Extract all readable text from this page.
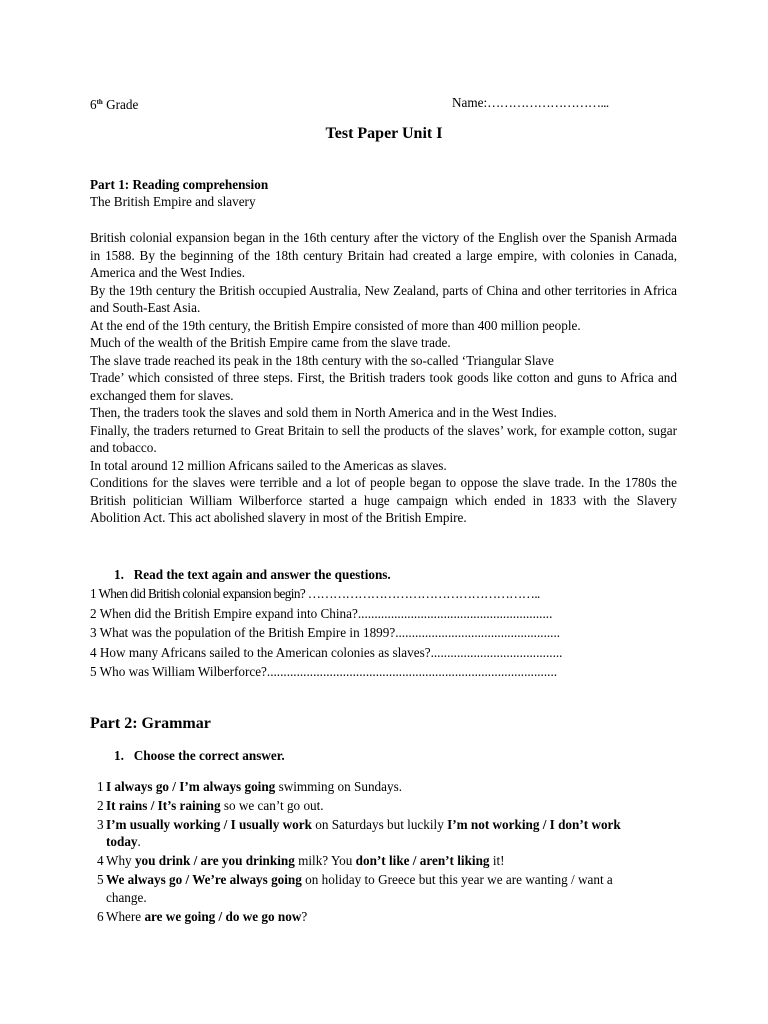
6th Grade	Name:………………………...
Test Paper Unit I
Part 1: Reading comprehension
The British Empire and slavery

British colonial expansion began in the 16th century after the victory of the English over the Spanish Armada in 1588. By the beginning of the 18th century Britain had created a large empire, with colonies in Canada, America and the West Indies.

By the 19th century the British occupied Australia, New Zealand, parts of China and other territories in Africa and South-East Asia.

At the end of the 19th century, the British Empire consisted of more than 400 million people.

Much of the wealth of the British Empire came from the slave trade.

The slave trade reached its peak in the 18th century with the so-called ‘Triangular Slave

Trade’ which consisted of three steps. First, the British traders took goods like cotton and guns to Africa and exchanged them for slaves.

Then, the traders took the slaves and sold them in North America and in the West Indies.

Finally, the traders returned to Great Britain to sell the products of the slaves’ work, for example cotton, sugar and tobacco.

In total around 12 million Africans sailed to the Americas as slaves.

Conditions for the slaves were terrible and a lot of people began to oppose the slave trade. In the 1780s the British politician William Wilberforce started a huge campaign which ended in 1833 with the Slavery Abolition Act. This act abolished slavery in most of the British Empire.

1. Read the text again and answer the questions.
1 When did British colonial expansion begin? ………………………………………………..
2 When did the British Empire expand into China?...........................................................
3 What was the population of the British Empire in 1899?..................................................
4 How many Africans sailed to the American colonies as slaves?........................................
5 Who was William Wilberforce?........................................................................................
Part 2: Grammar
1. Choose the correct answer.
1 I always go / I’m always going swimming on Sundays.
2 It rains / It’s raining so we can’t go out.
3 I’m usually working / I usually work on Saturdays but luckily I’m not working / I don’t work
today.
4 Why you drink / are you drinking milk? You don’t like / aren’t liking it!
5 We always go / We’re always going on holiday to Greece but this year we are wanting / want a
change.
6 Where are we going / do we go now?
